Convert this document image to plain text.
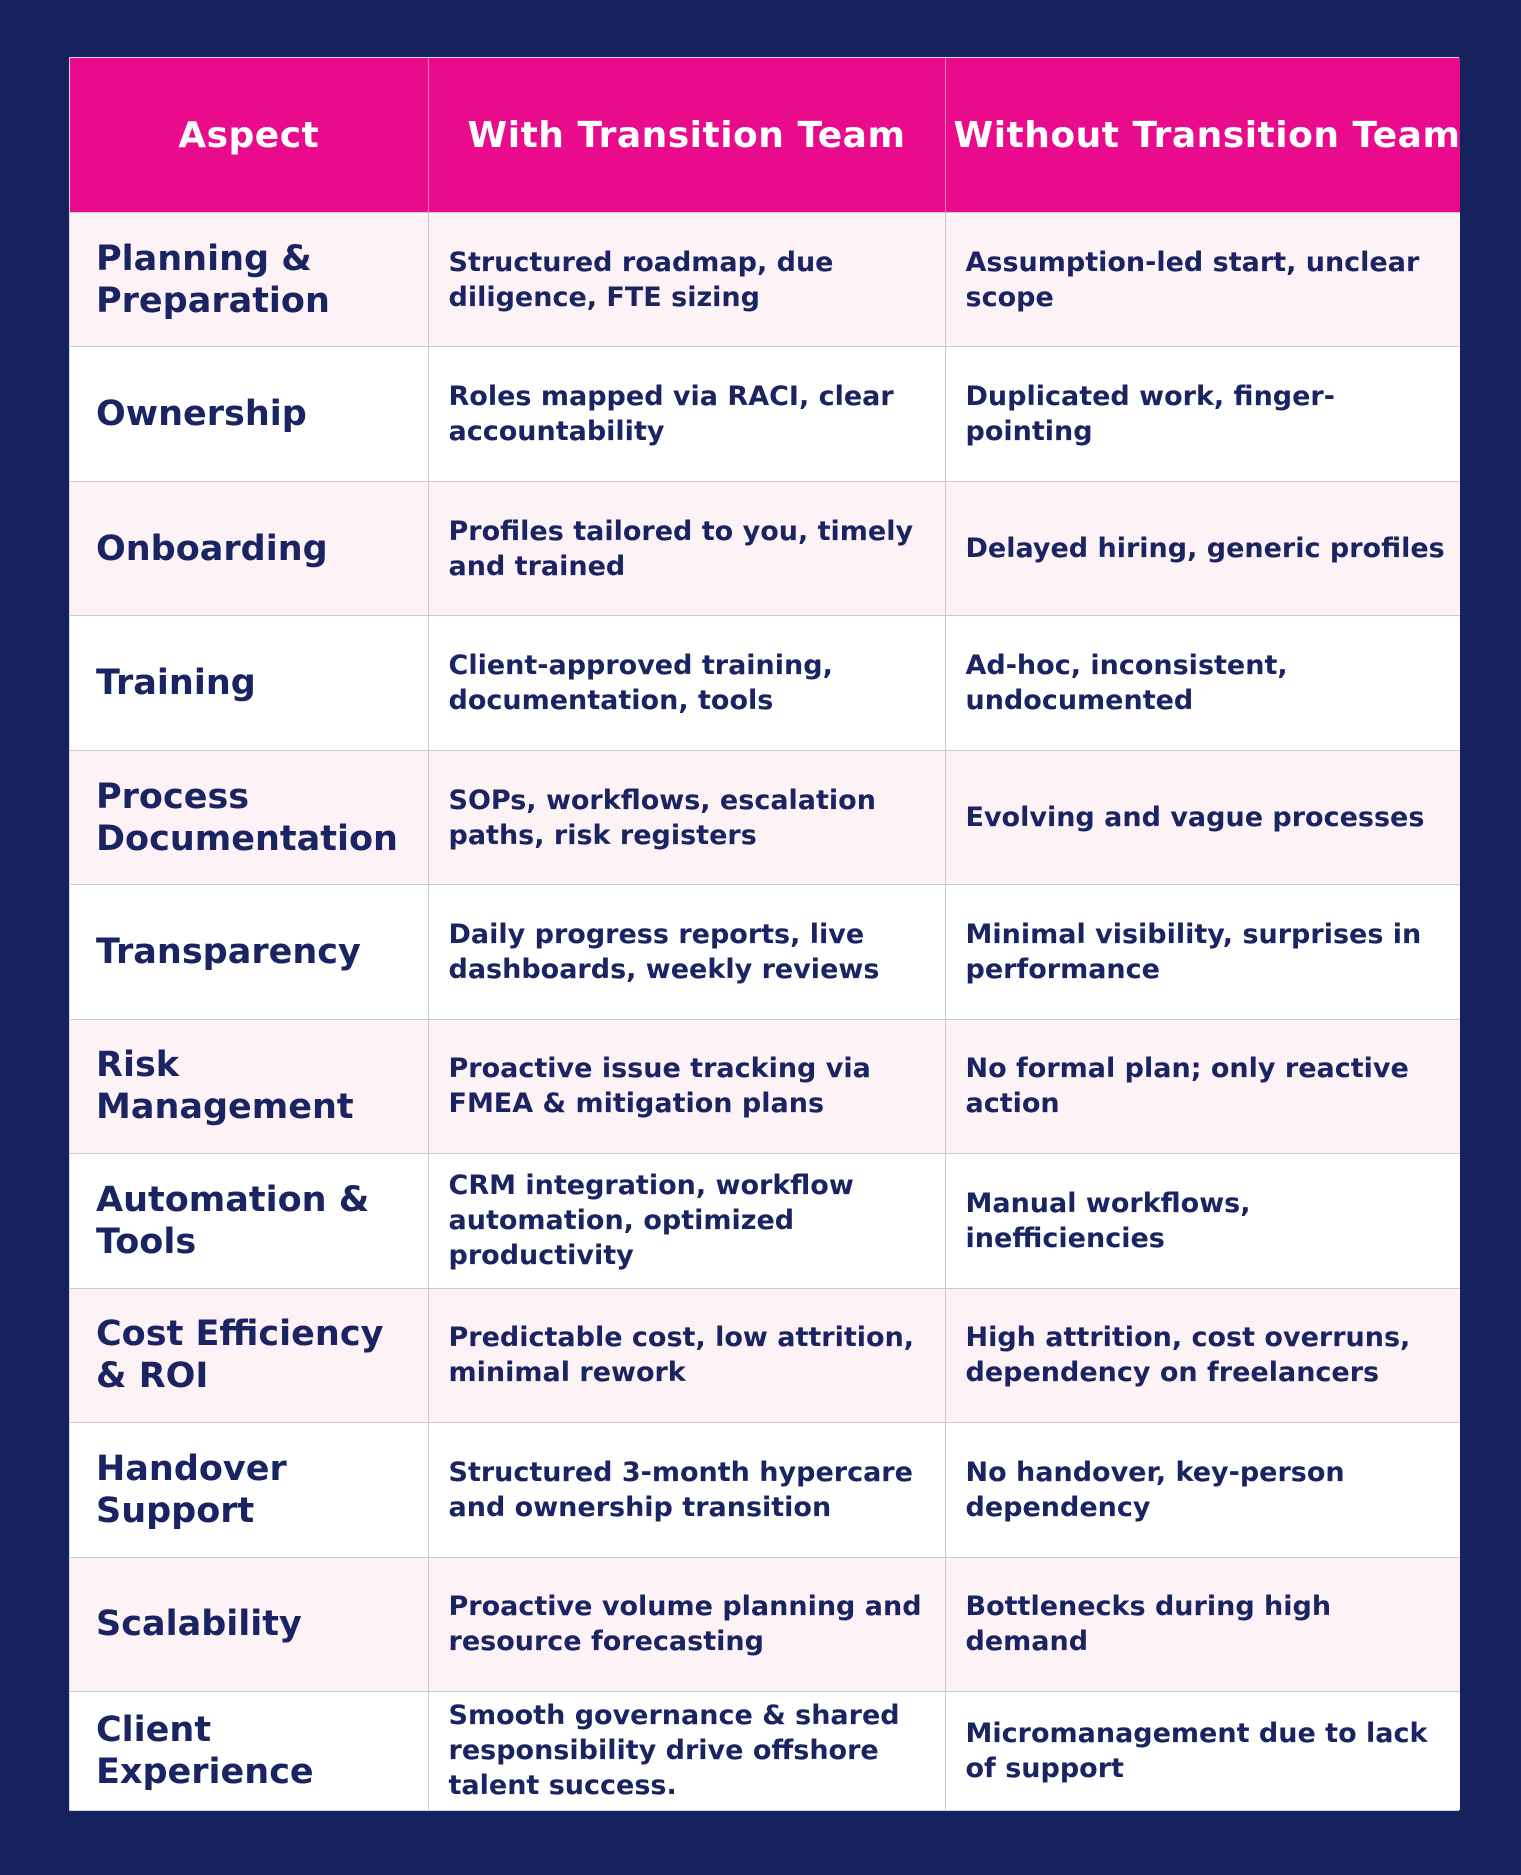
Aspect	With Transition Team	Without Transition Team
Planning & Preparation	Structured roadmap, due diligence, FTE sizing	Assumption-led start, unclear scope
Ownership	Roles mapped via RACI, clear accountability	Duplicated work, finger-pointing
Onboarding	Profiles tailored to you, timely and trained	Delayed hiring, generic profiles
Training	Client-approved training, documentation, tools	Ad-hoc, inconsistent, undocumented
Process Documentation	SOPs, workflows, escalation paths, risk registers	Evolving and vague processes
Transparency	Daily progress reports, live dashboards, weekly reviews	Minimal visibility, surprises in performance
Risk Management	Proactive issue tracking via FMEA & mitigation plans	No formal plan; only reactive action
Automation & Tools	CRM integration, workflow automation, optimized productivity	Manual workflows, inefficiencies
Cost Efficiency & ROI	Predictable cost, low attrition, minimal rework	High attrition, cost overruns, dependency on freelancers
Handover Support	Structured 3-month hypercare and ownership transition	No handover, key-person dependency
Scalability	Proactive volume planning and resource forecasting	Bottlenecks during high demand
Client Experience	Smooth governance & shared responsibility drive offshore talent success.	Micromanagement due to lack of support
